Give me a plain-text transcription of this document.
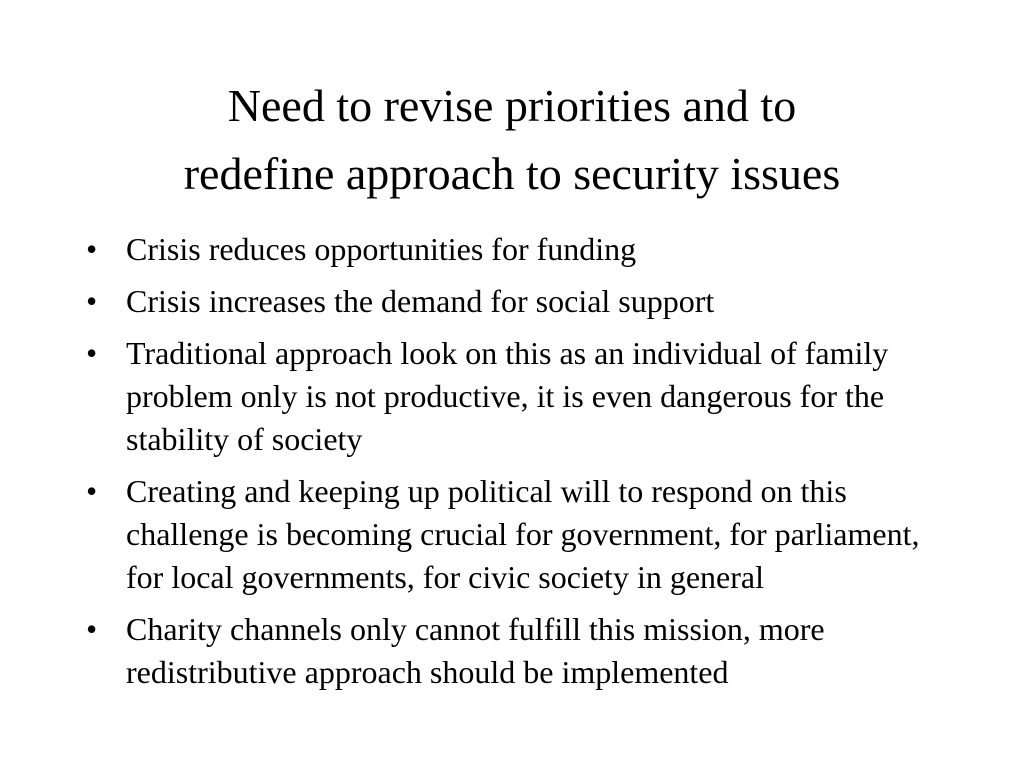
Need to revise priorities and to
redefine approach to security issues
• Crisis reduces opportunities for funding
• Crisis increases the demand for social support
• Traditional approach look on this as an individual of family problem only is not productive, it is even dangerous for the stability of society
• Creating and keeping up political will to respond on this challenge is becoming crucial for government, for parliament, for local governments, for civic society in general
• Charity channels only cannot fulfill this mission, more redistributive approach should be implemented
